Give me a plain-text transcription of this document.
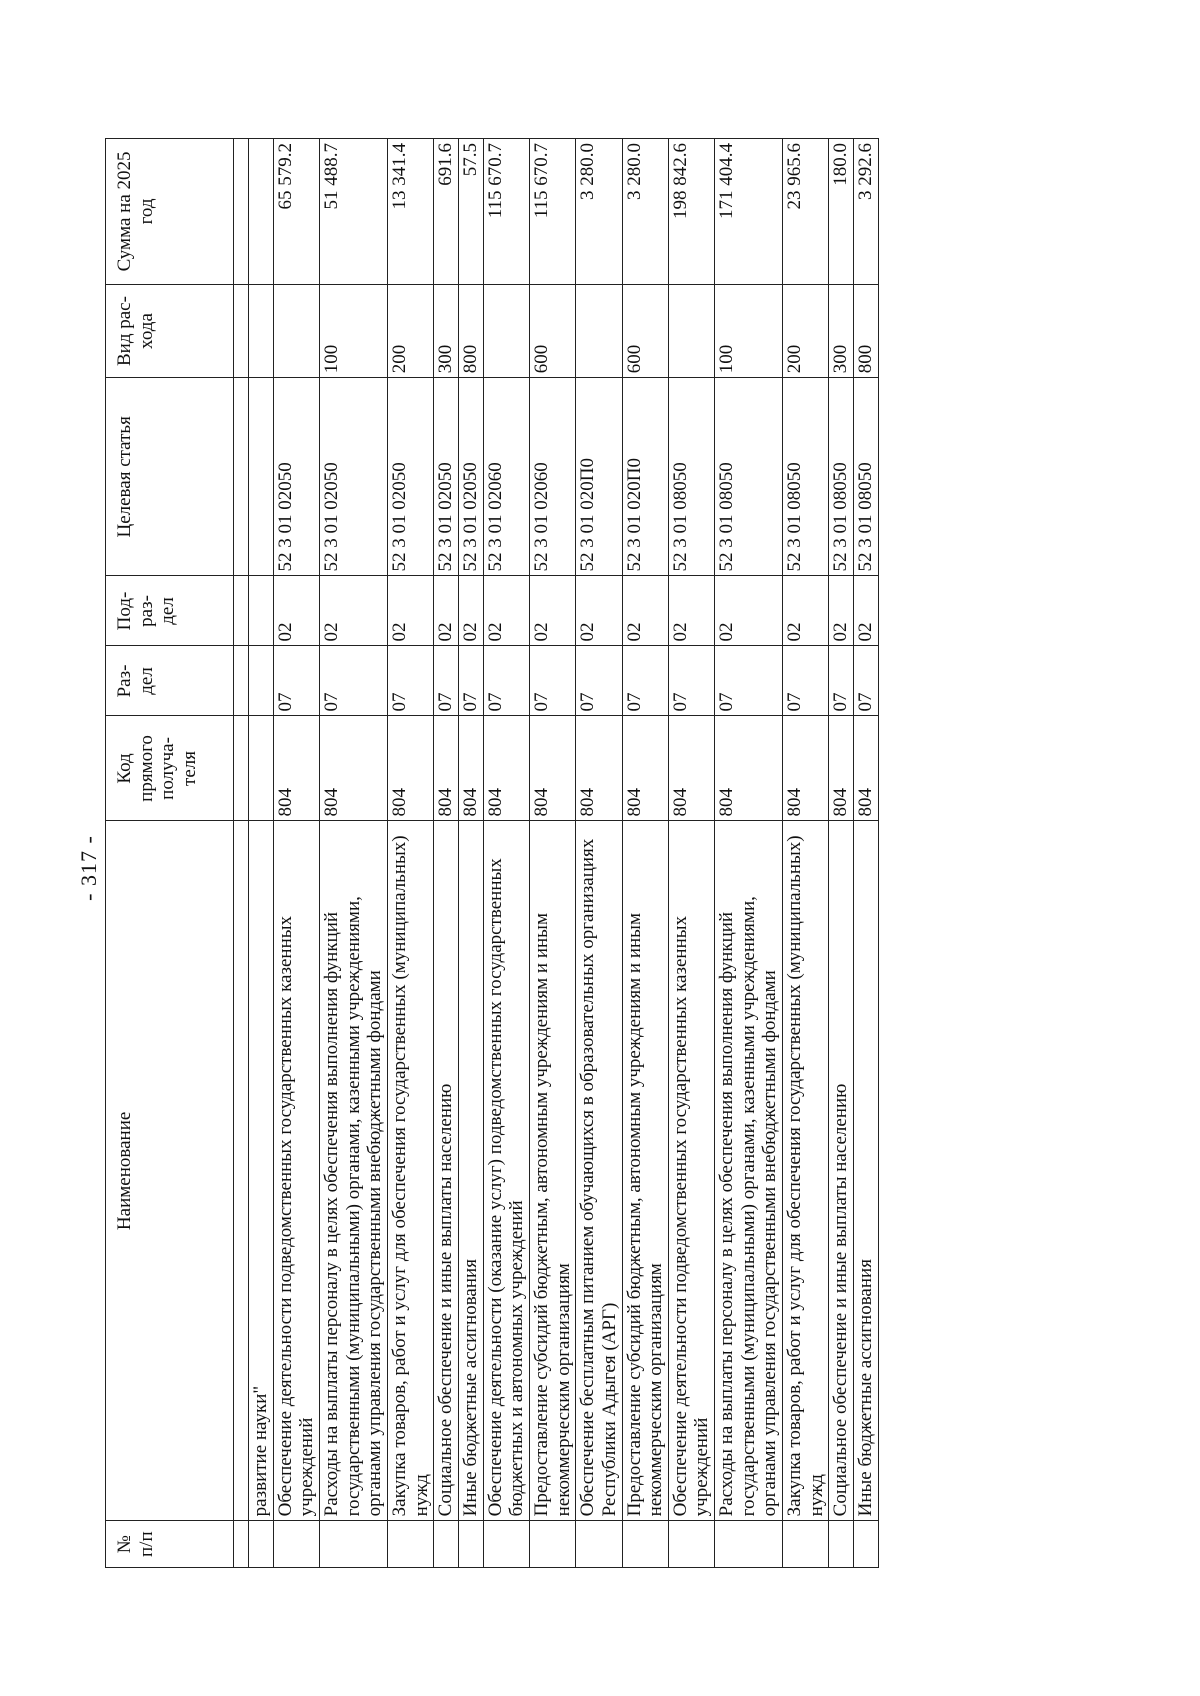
- 317 -
№ п/п	Наименование	Код прямого получа- теля	Раз- дел	Под- раз- дел	Целевая статья	Вид рас- хода	Сумма на 2025 год

	развитие науки"						
	Обеспечение деятельности подведомственных государственных казенных учреждений	804	07	02	52 3 01 02050		65 579.2
	Расходы на выплаты персоналу в целях обеспечения выполнения функций государственными (муниципальными) органами, казенными учреждениями, органами управления государственными внебюджетными фондами	804	07	02	52 3 01 02050	100	51 488.7
	Закупка товаров, работ и услуг для обеспечения государственных (муниципальных) нужд	804	07	02	52 3 01 02050	200	13 341.4
	Социальное обеспечение и иные выплаты населению	804	07	02	52 3 01 02050	300	691.6
	Иные бюджетные ассигнования	804	07	02	52 3 01 02050	800	57.5
	Обеспечение деятельности (оказание услуг) подведомственных государственных бюджетных и автономных учреждений	804	07	02	52 3 01 02060		115 670.7
	Предоставление субсидий бюджетным, автономным учреждениям и иным некоммерческим организациям	804	07	02	52 3 01 02060	600	115 670.7
	Обеспечение бесплатным питанием обучающихся в образовательных организациях Республики Адыгея (АРГ)	804	07	02	52 3 01 020П0		3 280.0
	Предоставление субсидий бюджетным, автономным учреждениям и иным некоммерческим организациям	804	07	02	52 3 01 020П0	600	3 280.0
	Обеспечение деятельности подведомственных государственных казенных учреждений	804	07	02	52 3 01 08050		198 842.6
	Расходы на выплаты персоналу в целях обеспечения выполнения функций государственными (муниципальными) органами, казенными учреждениями, органами управления государственными внебюджетными фондами	804	07	02	52 3 01 08050	100	171 404.4
	Закупка товаров, работ и услуг для обеспечения государственных (муниципальных) нужд	804	07	02	52 3 01 08050	200	23 965.6
	Социальное обеспечение и иные выплаты населению	804	07	02	52 3 01 08050	300	180.0
	Иные бюджетные ассигнования	804	07	02	52 3 01 08050	800	3 292.6
